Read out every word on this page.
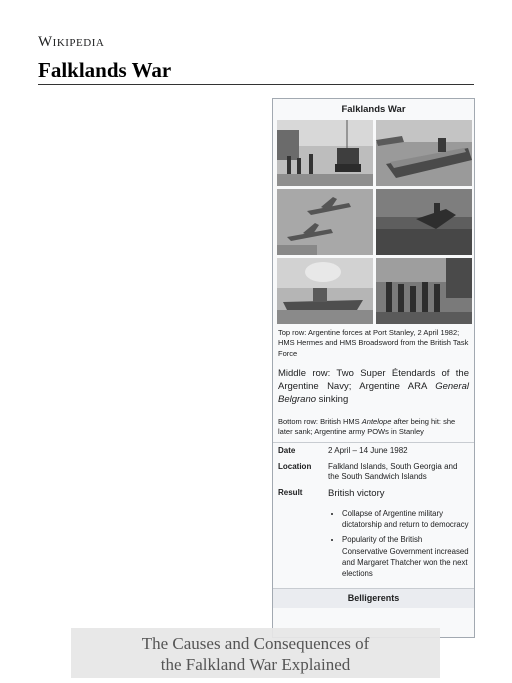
Wikipedia
Falklands War
Falklands War
Top row: Argentine forces at Port Stanley, 2 April 1982; HMS Hermes and HMS Broadsword from the British Task Force
Middle row: Two Super Étendards of the Argentine Navy; Argentine ARA General Belgrano sinking
Bottom row: British HMS Antelope after being hit: she later sank; Argentine army POWs in Stanley
Date	2 April – 14 June 1982
Location	Falkland Islands, South Georgia and the South Sandwich Islands
Result	British victory
• Collapse of Argentine military dictatorship and return to democracy
• Popularity of the British Conservative Government increased and Margaret Thatcher won the next elections
Belligerents
The Causes and Consequences of
the Falkland War Explained
